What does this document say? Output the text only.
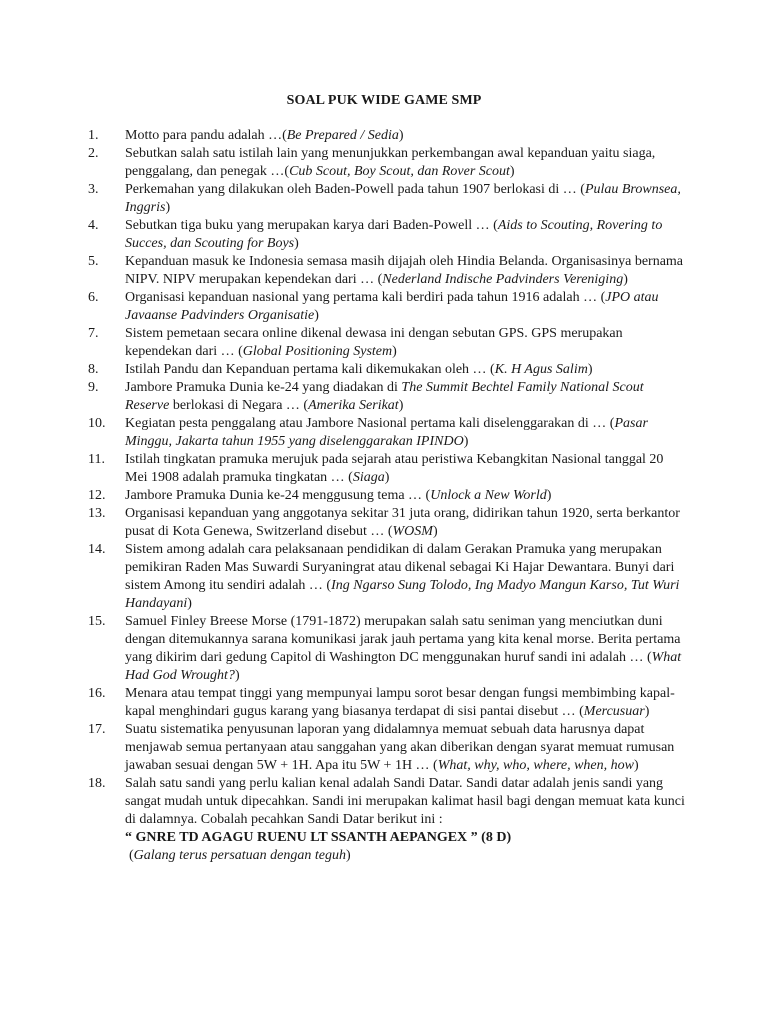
SOAL PUK WIDE GAME SMP
1.	Motto para pandu adalah …(Be Prepared / Sedia)
2.	Sebutkan salah satu istilah lain yang menunjukkan perkembangan awal kepanduan yaitu siaga, penggalang, dan penegak …(Cub Scout, Boy Scout, dan Rover Scout)
3.	Perkemahan yang dilakukan oleh Baden-Powell pada tahun 1907 berlokasi di … (Pulau Brownsea, Inggris)
4.	Sebutkan tiga buku yang merupakan karya dari Baden-Powell … (Aids to Scouting, Rovering to Succes, dan Scouting for Boys)
5.	Kepanduan masuk ke Indonesia semasa masih dijajah oleh Hindia Belanda. Organisasinya bernama NIPV. NIPV merupakan kependekan dari … (Nederland Indische Padvinders Vereniging)
6.	Organisasi kepanduan nasional yang pertama kali berdiri pada tahun 1916 adalah … (JPO atau Javaanse Padvinders Organisatie)
7.	Sistem pemetaan secara online dikenal dewasa ini dengan sebutan GPS. GPS merupakan kependekan dari … (Global Positioning System)
8.	Istilah Pandu dan Kepanduan pertama kali dikemukakan oleh … (K. H Agus Salim)
9.	Jambore Pramuka Dunia ke-24 yang diadakan di The Summit Bechtel Family National Scout Reserve berlokasi di Negara … (Amerika Serikat)
10.	Kegiatan pesta penggalang atau Jambore Nasional pertama kali diselenggarakan di … (Pasar Minggu, Jakarta tahun 1955 yang diselenggarakan IPINDO)
11.	Istilah tingkatan pramuka merujuk pada sejarah atau peristiwa Kebangkitan Nasional tanggal 20 Mei 1908 adalah pramuka tingkatan … (Siaga)
12.	Jambore Pramuka Dunia ke-24 menggusung tema … (Unlock a New World)
13.	Organisasi kepanduan yang anggotanya sekitar 31 juta orang, didirikan tahun 1920, serta berkantor pusat di Kota Genewa, Switzerland disebut … (WOSM)
14.	Sistem among adalah cara pelaksanaan pendidikan di dalam Gerakan Pramuka yang merupakan pemikiran Raden Mas Suwardi Suryaningrat atau dikenal sebagai Ki Hajar Dewantara. Bunyi dari sistem Among itu sendiri adalah … (Ing Ngarso Sung Tolodo, Ing Madyo Mangun Karso, Tut Wuri Handayani)
15.	Samuel Finley Breese Morse (1791-1872) merupakan salah satu seniman yang menciutkan duni dengan ditemukannya sarana komunikasi jarak jauh pertama yang kita kenal morse. Berita pertama yang dikirim dari gedung Capitol di Washington DC menggunakan huruf sandi ini adalah … (What Had God Wrought?)
16.	Menara atau tempat tinggi yang mempunyai lampu sorot besar dengan fungsi membimbing kapal-kapal menghindari gugus karang yang biasanya terdapat di sisi pantai disebut … (Mercusuar)
17.	Suatu sistematika penyusunan laporan yang didalamnya memuat sebuah data harusnya dapat menjawab semua pertanyaan atau sanggahan yang akan diberikan dengan syarat memuat rumusan jawaban sesuai dengan 5W + 1H. Apa itu 5W + 1H … (What, why, who, where, when, how)
18.	Salah satu sandi yang perlu kalian kenal adalah Sandi Datar. Sandi datar adalah jenis sandi yang sangat mudah untuk dipecahkan. Sandi ini merupakan kalimat hasil bagi dengan memuat kata kunci di dalamnya. Cobalah pecahkan Sandi Datar berikut ini :
“ GNRE TD AGAGU RUENU LT SSANTH AEPANGEX ” (8 D)
(Galang terus persatuan dengan teguh)
